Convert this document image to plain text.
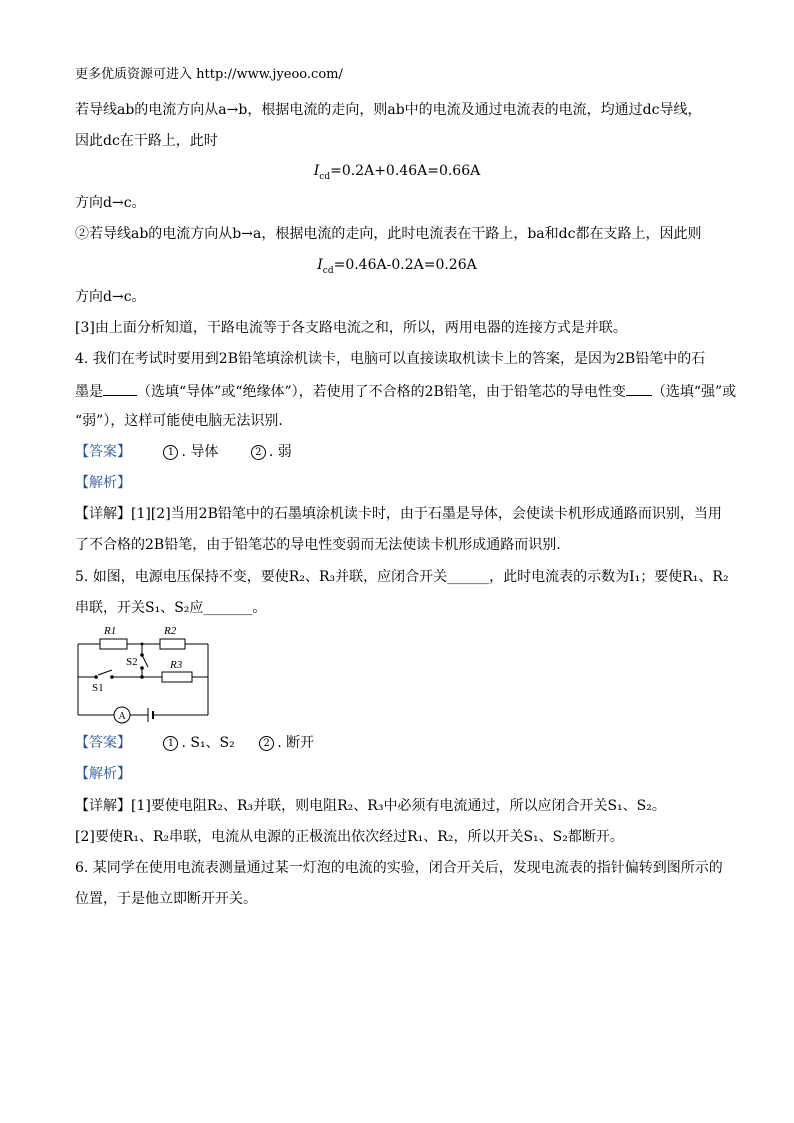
更多优质资源可进入 http://www.jyeoo.com/
若导线ab的电流方向从a→b，根据电流的走向，则ab中的电流及通过电流表的电流，均通过dc导线，
因此dc在干路上，此时
$I_{cd}=0.2A+0.46A=0.66A$
方向d→c。
②若导线ab的电流方向从b→a，根据电流的走向，此时电流表在干路上，ba和dc都在支路上，因此则
$I_{cd}=0.46A-0.2A=0.26A$
方向d→c。
[3]由上面分析知道，干路电流等于各支路电流之和，所以，两用电器的连接方式是并联。
4. 我们在考试时要用到2B铅笔填涂机读卡，电脑可以直接读取机读卡上的答案，是因为2B铅笔中的石
墨是 （选填“导体”或“绝缘体”），若使用了不合格的2B铅笔，由于铅笔芯的导电性变 （选填“强”或
“弱”），这样可能使电脑无法识别.
【答案】	1 . 导体	2 . 弱
【解析】
【详解】[1][2]当用2B铅笔中的石墨填涂机读卡时，由于石墨是导体，会使读卡机形成通路而识别，当用
了不合格的2B铅笔，由于铅笔芯的导电性变弱而无法使读卡机形成通路而识别.
5. 如图，电源电压保持不变，要使R₂、R₃并联，应闭合开关______，此时电流表的示数为I₁；要使R₁、R₂
串联，开关S₁、S₂应_______。
R1	R2
R3
S2
S1
A
【答案】	1 . S₁、S₂	2 . 断开
【解析】
【详解】[1]要使电阻R₂、R₃并联，则电阻R₂、R₃中必须有电流通过，所以应闭合开关S₁、S₂。
[2]要使R₁、R₂串联，电流从电源的正极流出依次经过R₁、R₂，所以开关S₁、S₂都断开。
6. 某同学在使用电流表测量通过某一灯泡的电流的实验，闭合开关后，发现电流表的指针偏转到图所示的
位置，于是他立即断开开关。
